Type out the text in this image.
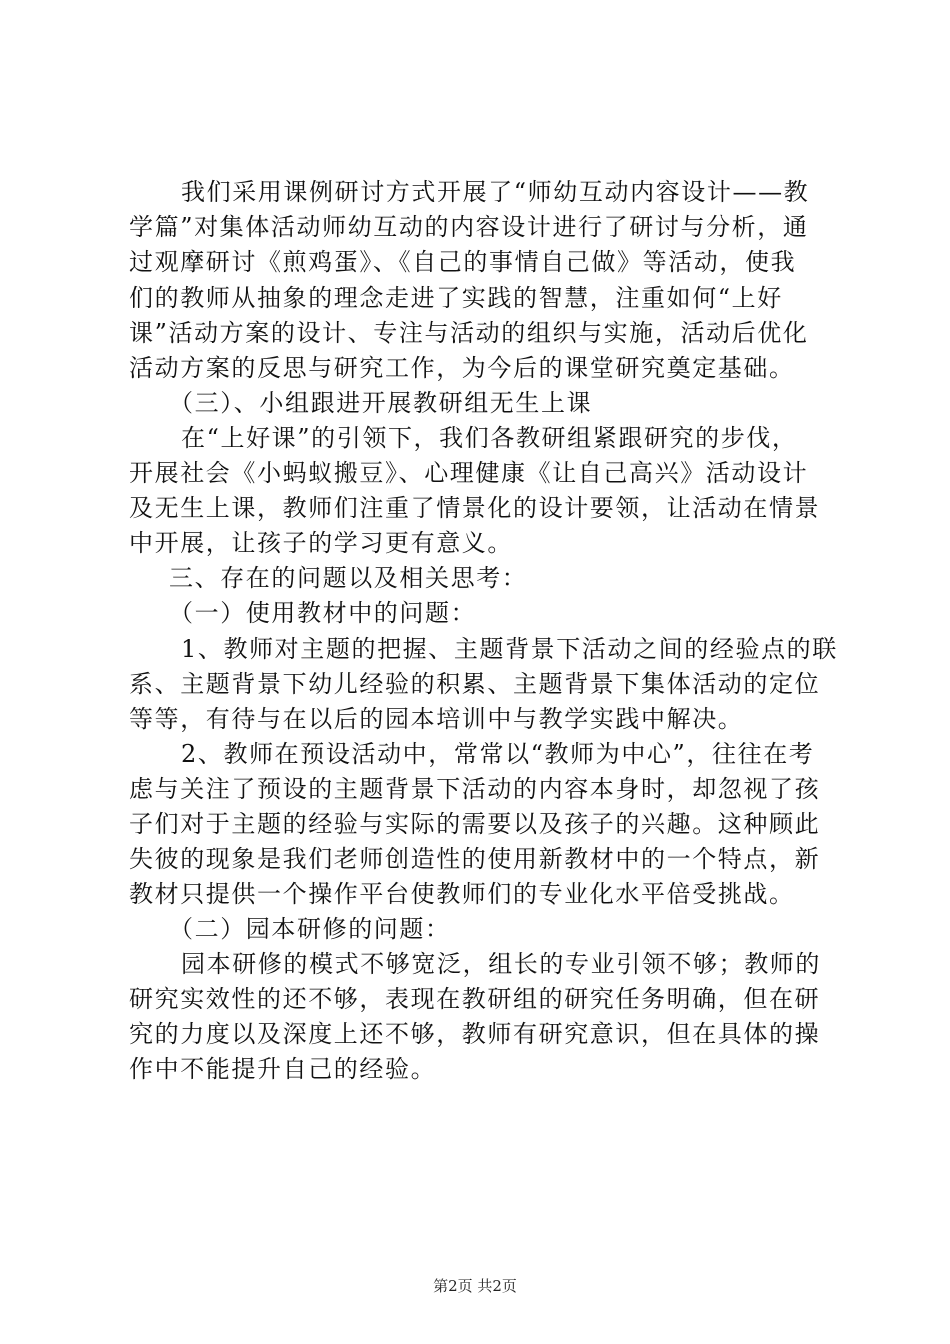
我们采用课例研讨方式开展了“师幼互动内容设计——教
学篇”对集体活动师幼互动的内容设计进行了研讨与分析，通
过观摩研讨《煎鸡蛋》、《自己的事情自己做》等活动，使我
们的教师从抽象的理念走进了实践的智慧，注重如何“上好
课”活动方案的设计、专注与活动的组织与实施，活动后优化
活动方案的反思与研究工作，为今后的课堂研究奠定基础。
（三）、小组跟进开展教研组无生上课
在“上好课”的引领下，我们各教研组紧跟研究的步伐，
开展社会《小蚂蚁搬豆》、心理健康《让自己高兴》活动设计
及无生上课，教师们注重了情景化的设计要领，让活动在情景
中开展，让孩子的学习更有意义。
三、存在的问题以及相关思考：
（一）使用教材中的问题：
1、教师对主题的把握、主题背景下活动之间的经验点的联
系、主题背景下幼儿经验的积累、主题背景下集体活动的定位
等等，有待与在以后的园本培训中与教学实践中解决。
2、教师在预设活动中，常常以“教师为中心”，往往在考
虑与关注了预设的主题背景下活动的内容本身时，却忽视了孩
子们对于主题的经验与实际的需要以及孩子的兴趣。这种顾此
失彼的现象是我们老师创造性的使用新教材中的一个特点，新
教材只提供一个操作平台使教师们的专业化水平倍受挑战。
（二）园本研修的问题：
园本研修的模式不够宽泛，组长的专业引领不够；教师的
研究实效性的还不够，表现在教研组的研究任务明确，但在研
究的力度以及深度上还不够，教师有研究意识，但在具体的操
作中不能提升自己的经验。
第2页 共2页
